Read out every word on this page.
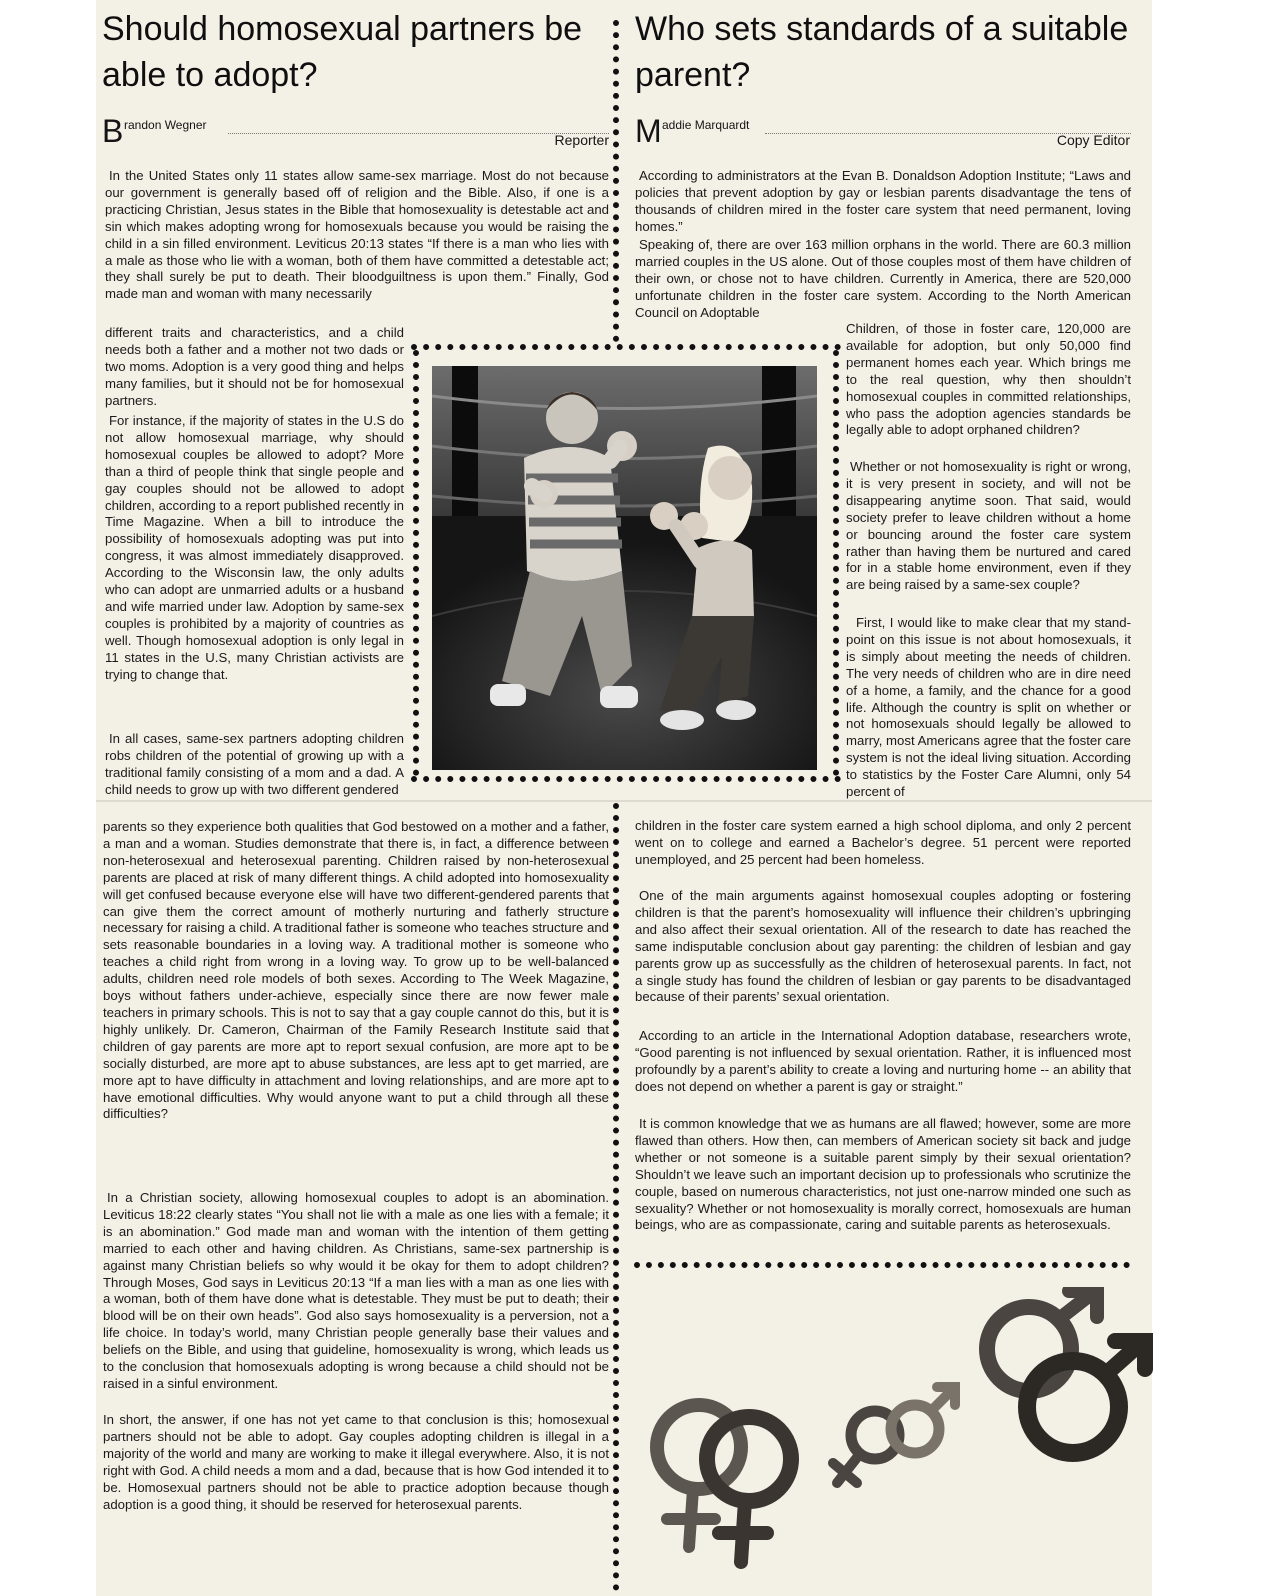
Should homosexual partners be able to adopt?
B randon Wegner
Reporter

In the United States only 11 states allow same-sex marriage. Most do not because our government is generally based off of religion and the Bible. Also, if one is a practicing Christian, Jesus states in the Bible that homosexuality is detestable act and sin which makes adopting wrong for homosexuals because you would be raising the child in a sin filled environment. Leviticus 20:13 states “If there is a man who lies with a male as those who lie with a woman, both of them have committed a detestable act; they shall surely be put to death. Their bloodguiltness is upon them.” Finally, God made man and woman with many necessarily

different traits and characteristics, and a child needs both a father and a mother not two dads or two moms. Adoption is a very good thing and helps many families, but it should not be for homosexual partners.

For instance, if the majority of states in the U.S do not allow homosexual marriage, why should homosexual couples be allowed to adopt? More than a third of people think that single people and gay couples should not be allowed to adopt children, according to a report published recently in Time Magazine. When a bill to introduce the possibility of homosexuals adopting was put into congress, it was almost immediately disapproved. According to the Wisconsin law, the only adults who can adopt are unmarried adults or a husband and wife married under law. Adoption by same-sex couples is prohibited by a majority of countries as well. Though homosexual adoption is only legal in 11 states in the U.S, many Christian activists are trying to change that.

In all cases, same-sex partners adopting children robs children of the potential of growing up with a traditional family consisting of a mom and a dad. A child needs to grow up with two different gendered

parents so they experience both qualities that God bestowed on a mother and a father, a man and a woman. Studies demonstrate that there is, in fact, a difference between non-heterosexual and heterosexual parenting. Children raised by non-heterosexual parents are placed at risk of many different things. A child adopted into homosexuality will get confused because everyone else will have two different-gendered parents that can give them the correct amount of motherly nurturing and fatherly structure necessary for raising a child. A traditional father is someone who teaches structure and sets reasonable boundaries in a loving way. A traditional mother is someone who teaches a child right from wrong in a loving way. To grow up to be well-balanced adults, children need role models of both sexes. According to The Week Magazine, boys without fathers under-achieve, especially since there are now fewer male teachers in primary schools. This is not to say that a gay couple cannot do this, but it is highly unlikely. Dr. Cameron, Chairman of the Family Research Institute said that children of gay parents are more apt to report sexual confusion, are more apt to be socially disturbed, are more apt to abuse substances, are less apt to get married, are more apt to have difficulty in attachment and loving relationships, and are more apt to have emotional difficulties. Why would anyone want to put a child through all these difficulties?

In a Christian society, allowing homosexual couples to adopt is an abomination. Leviticus 18:22 clearly states “You shall not lie with a male as one lies with a female; it is an abomination.” God made man and woman with the intention of them getting married to each other and having children. As Christians, same-sex partnership is against many Christian beliefs so why would it be okay for them to adopt children? Through Moses, God says in Leviticus 20:13 “If a man lies with a man as one lies with a woman, both of them have done what is detestable. They must be put to death; their blood will be on their own heads”. God also says homosexuality is a perversion, not a life choice. In today’s world, many Christian people generally base their values and beliefs on the Bible, and using that guideline, homosexuality is wrong, which leads us to the conclusion that homosexuals adopting is wrong because a child should not be raised in a sinful environment.

In short, the answer, if one has not yet came to that conclusion is this; homosexual partners should not be able to adopt. Gay couples adopting children is illegal in a majority of the world and many are working to make it illegal everywhere. Also, it is not right with God. A child needs a mom and a dad, because that is how God intended it to be. Homosexual partners should not be able to practice adoption because though adoption is a good thing, it should be reserved for heterosexual parents.

Who sets standards of a suitable parent?
M addie Marquardt
Copy Editor

According to administrators at the Evan B. Donaldson Adoption Institute; “Laws and policies that prevent adoption by gay or lesbian parents disadvantage the tens of thousands of children mired in the foster care system that need permanent, loving homes.”

Speaking of, there are over 163 million orphans in the world. There are 60.3 million married couples in the US alone. Out of those couples most of them have children of their own, or chose not to have children. Currently in America, there are 520,000 unfortunate children in the foster care system. According to the North American Council on Adoptable

Children, of those in foster care, 120,000 are available for adoption, but only 50,000 find permanent homes each year. Which brings me to the real question, why then shouldn’t homosexual couples in committed relationships, who pass the adoption agencies standards be legally able to adopt orphaned children?

Whether or not homosexuality is right or wrong, it is very present in society, and will not be disappearing anytime soon. That said, would society prefer to leave children without a home or bouncing around the foster care system rather than having them be nurtured and cared for in a stable home environment, even if they are being raised by a same-sex couple?

First, I would like to make clear that my stand-point on this issue is not about homosexuals, it is simply about meeting the needs of children. The very needs of children who are in dire need of a home, a family, and the chance for a good life. Although the country is split on whether or not homosexuals should legally be allowed to marry, most Americans agree that the foster care system is not the ideal living situation. According to statistics by the Foster Care Alumni, only 54 percent of

children in the foster care system earned a high school diploma, and only 2 percent went on to college and earned a Bachelor’s degree. 51 percent were reported unemployed, and 25 percent had been homeless.

One of the main arguments against homosexual couples adopting or fostering children is that the parent’s homosexuality will influence their children’s upbringing and also affect their sexual orientation. All of the research to date has reached the same indisputable conclusion about gay parenting: the children of lesbian and gay parents grow up as successfully as the children of heterosexual parents. In fact, not a single study has found the children of lesbian or gay parents to be disadvantaged because of their parents’ sexual orientation.

According to an article in the International Adoption database, researchers wrote, “Good parenting is not influenced by sexual orientation. Rather, it is influenced most profoundly by a parent’s ability to create a loving and nurturing home -- an ability that does not depend on whether a parent is gay or straight.”

It is common knowledge that we as humans are all flawed; however, some are more flawed than others. How then, can members of American society sit back and judge whether or not someone is a suitable parent simply by their sexual orientation? Shouldn’t we leave such an important decision up to professionals who scrutinize the couple, based on numerous characteristics, not just one-narrow minded one such as sexuality? Whether or not homosexuality is morally correct, homosexuals are human beings, who are as compassionate, caring and suitable parents as heterosexuals.
